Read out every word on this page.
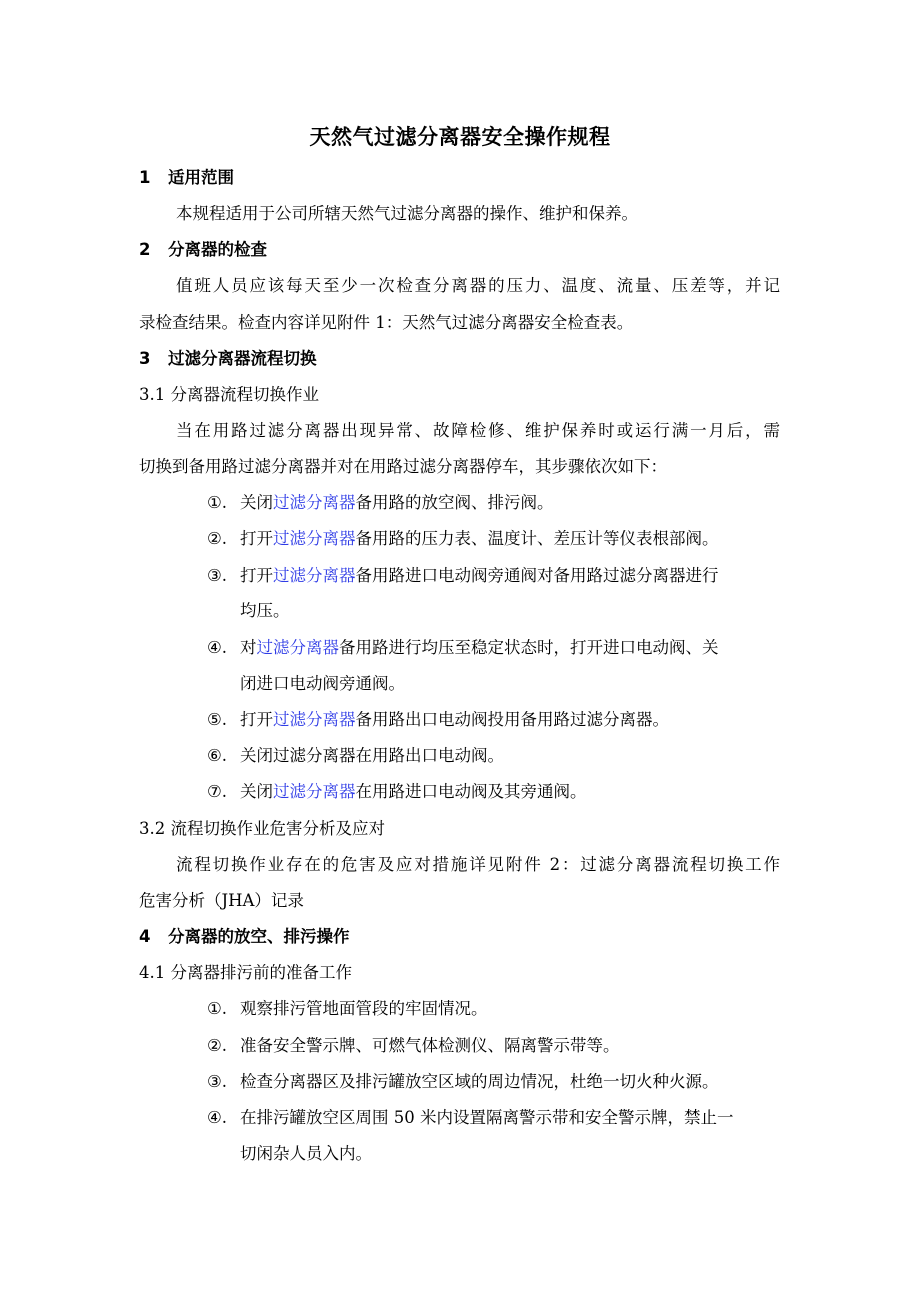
天然气过滤分离器安全操作规程
1 适用范围
本规程适用于公司所辖天然气过滤分离器的操作、维护和保养。
2 分离器的检查
值班人员应该每天至少一次检查分离器的压力、温度、流量、压差等，并记
录检查结果。检查内容详见附件 1：天然气过滤分离器安全检查表。
3 过滤分离器流程切换
3.1 分离器流程切换作业
当在用路过滤分离器出现异常、故障检修、维护保养时或运行满一月后，需
切换到备用路过滤分离器并对在用路过滤分离器停车，其步骤依次如下：
①. 关闭过滤分离器备用路的放空阀、排污阀。
②. 打开过滤分离器备用路的压力表、温度计、差压计等仪表根部阀。
③. 打开过滤分离器备用路进口电动阀旁通阀对备用路过滤分离器进行
均压。
④. 对过滤分离器备用路进行均压至稳定状态时，打开进口电动阀、关
闭进口电动阀旁通阀。
⑤. 打开过滤分离器备用路出口电动阀投用备用路过滤分离器。
⑥. 关闭过滤分离器在用路出口电动阀。
⑦. 关闭过滤分离器在用路进口电动阀及其旁通阀。
3.2 流程切换作业危害分析及应对
流程切换作业存在的危害及应对措施详见附件 2：过滤分离器流程切换工作
危害分析（JHA）记录
4 分离器的放空、排污操作
4.1 分离器排污前的准备工作
①. 观察排污管地面管段的牢固情况。
②. 准备安全警示牌、可燃气体检测仪、隔离警示带等。
③. 检查分离器区及排污罐放空区域的周边情况，杜绝一切火种火源。
④. 在排污罐放空区周围 50 米内设置隔离警示带和安全警示牌，禁止一
切闲杂人员入内。
